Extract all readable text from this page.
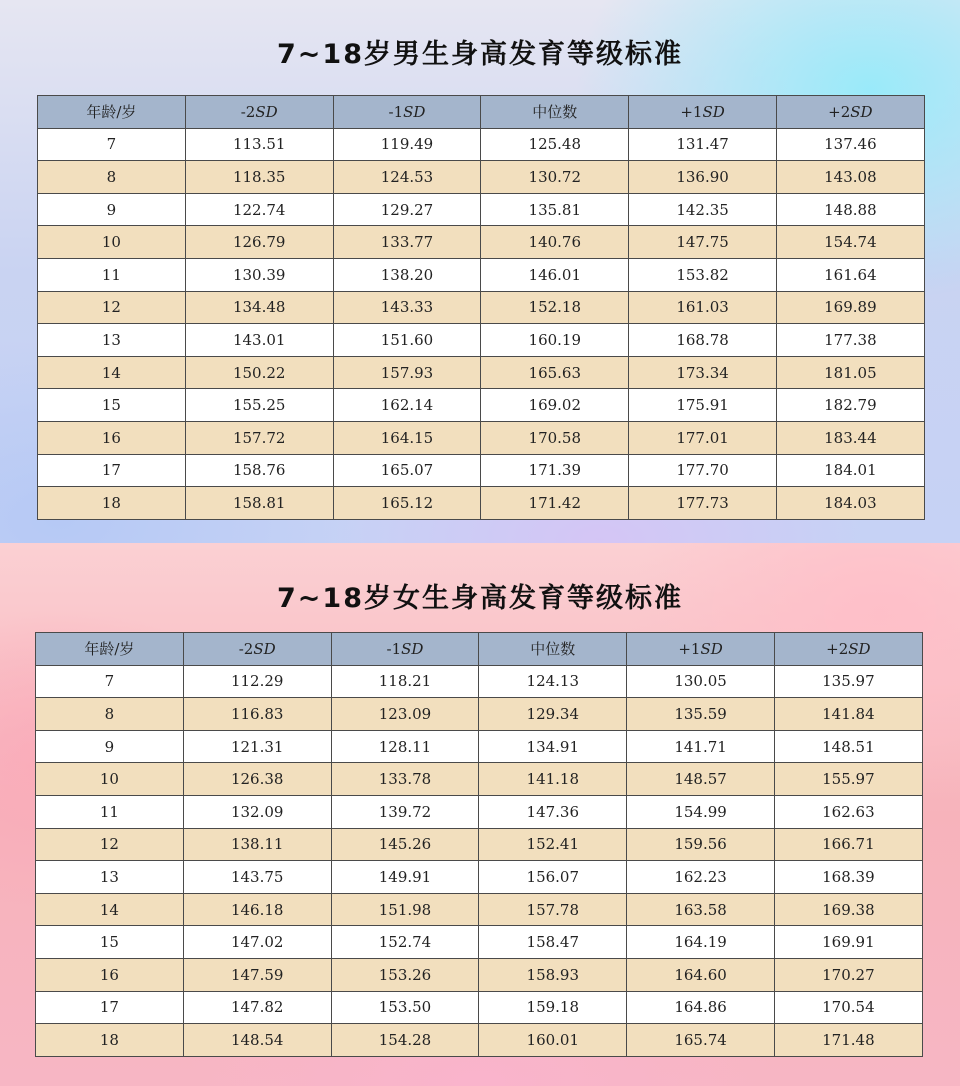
7~18岁男生身高发育等级标准
年龄/岁	-2SD	-1SD	中位数	+1SD	+2SD
7	113.51	119.49	125.48	131.47	137.46
8	118.35	124.53	130.72	136.90	143.08
9	122.74	129.27	135.81	142.35	148.88
10	126.79	133.77	140.76	147.75	154.74
11	130.39	138.20	146.01	153.82	161.64
12	134.48	143.33	152.18	161.03	169.89
13	143.01	151.60	160.19	168.78	177.38
14	150.22	157.93	165.63	173.34	181.05
15	155.25	162.14	169.02	175.91	182.79
16	157.72	164.15	170.58	177.01	183.44
17	158.76	165.07	171.39	177.70	184.01
18	158.81	165.12	171.42	177.73	184.03
7~18岁女生身高发育等级标准
年龄/岁	-2SD	-1SD	中位数	+1SD	+2SD
7	112.29	118.21	124.13	130.05	135.97
8	116.83	123.09	129.34	135.59	141.84
9	121.31	128.11	134.91	141.71	148.51
10	126.38	133.78	141.18	148.57	155.97
11	132.09	139.72	147.36	154.99	162.63
12	138.11	145.26	152.41	159.56	166.71
13	143.75	149.91	156.07	162.23	168.39
14	146.18	151.98	157.78	163.58	169.38
15	147.02	152.74	158.47	164.19	169.91
16	147.59	153.26	158.93	164.60	170.27
17	147.82	153.50	159.18	164.86	170.54
18	148.54	154.28	160.01	165.74	171.48
